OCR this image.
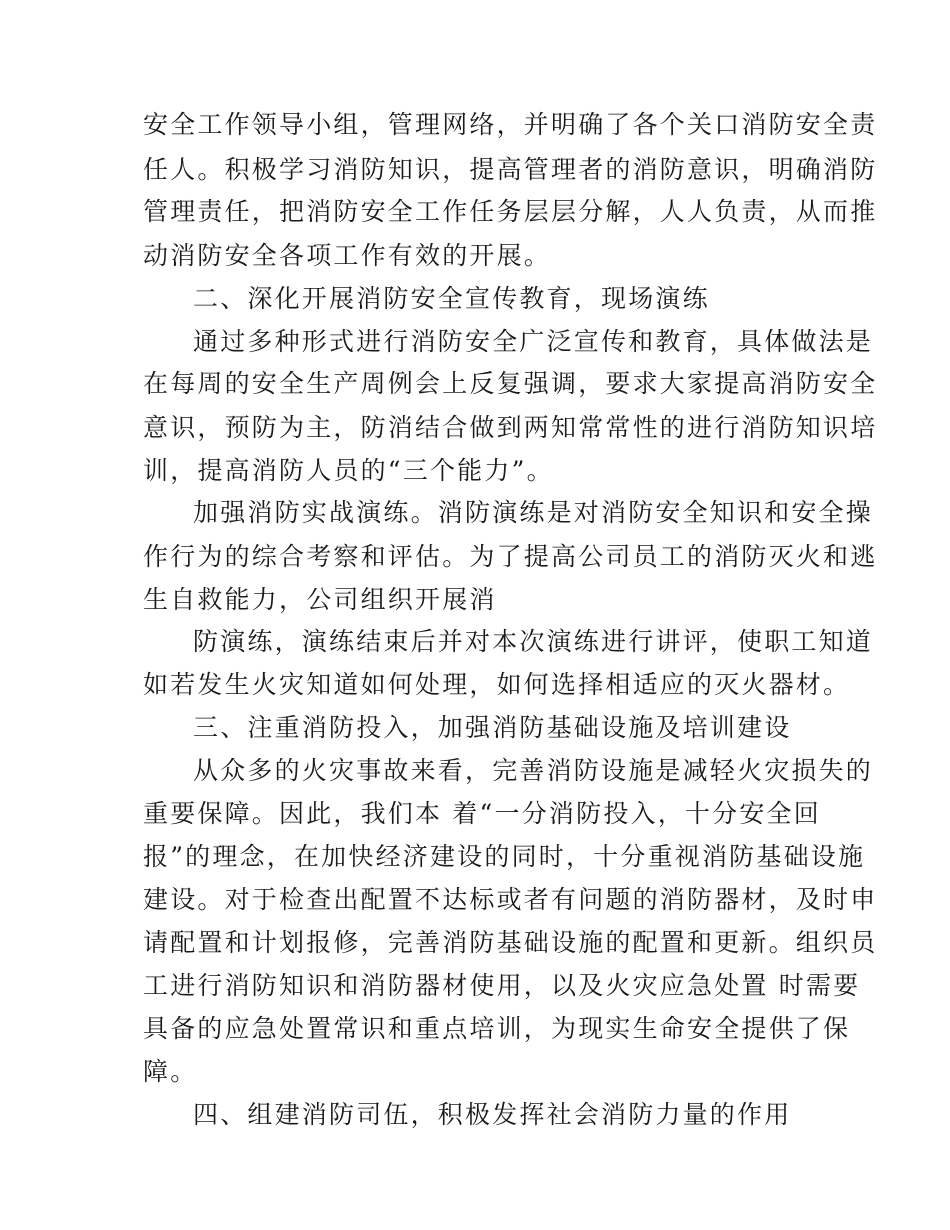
安全工作领导小组，管理网络，并明确了各个关口消防安全责
任人。积极学习消防知识，提高管理者的消防意识，明确消防
管理责任，把消防安全工作任务层层分解，人人负责，从而推
动消防安全各项工作有效的开展。
二、深化开展消防安全宣传教育，现场演练
通过多种形式进行消防安全广泛宣传和教育，具体做法是
在每周的安全生产周例会上反复强调，要求大家提高消防安全
意识，预防为主，防消结合做到两知常常性的进行消防知识培
训，提高消防人员的“三个能力”。
加强消防实战演练。消防演练是对消防安全知识和安全操
作行为的综合考察和评估。为了提高公司员工的消防灭火和逃
生自救能力，公司组织开展消
防演练，演练结束后并对本次演练进行讲评，使职工知道
如若发生火灾知道如何处理，如何选择相适应的灭火器材。
三、注重消防投入，加强消防基础设施及培训建设
从众多的火灾事故来看，完善消防设施是减轻火灾损失的
重要保障。因此，我们本 着“一分消防投入，十分安全回
报”的理念，在加快经济建设的同时，十分重视消防基础设施
建设。对于检查出配置不达标或者有问题的消防器材，及时申
请配置和计划报修，完善消防基础设施的配置和更新。组织员
工进行消防知识和消防器材使用，以及火灾应急处置 时需要
具备的应急处置常识和重点培训，为现实生命安全提供了保
障。
四、组建消防司伍，积极发挥社会消防力量的作用
